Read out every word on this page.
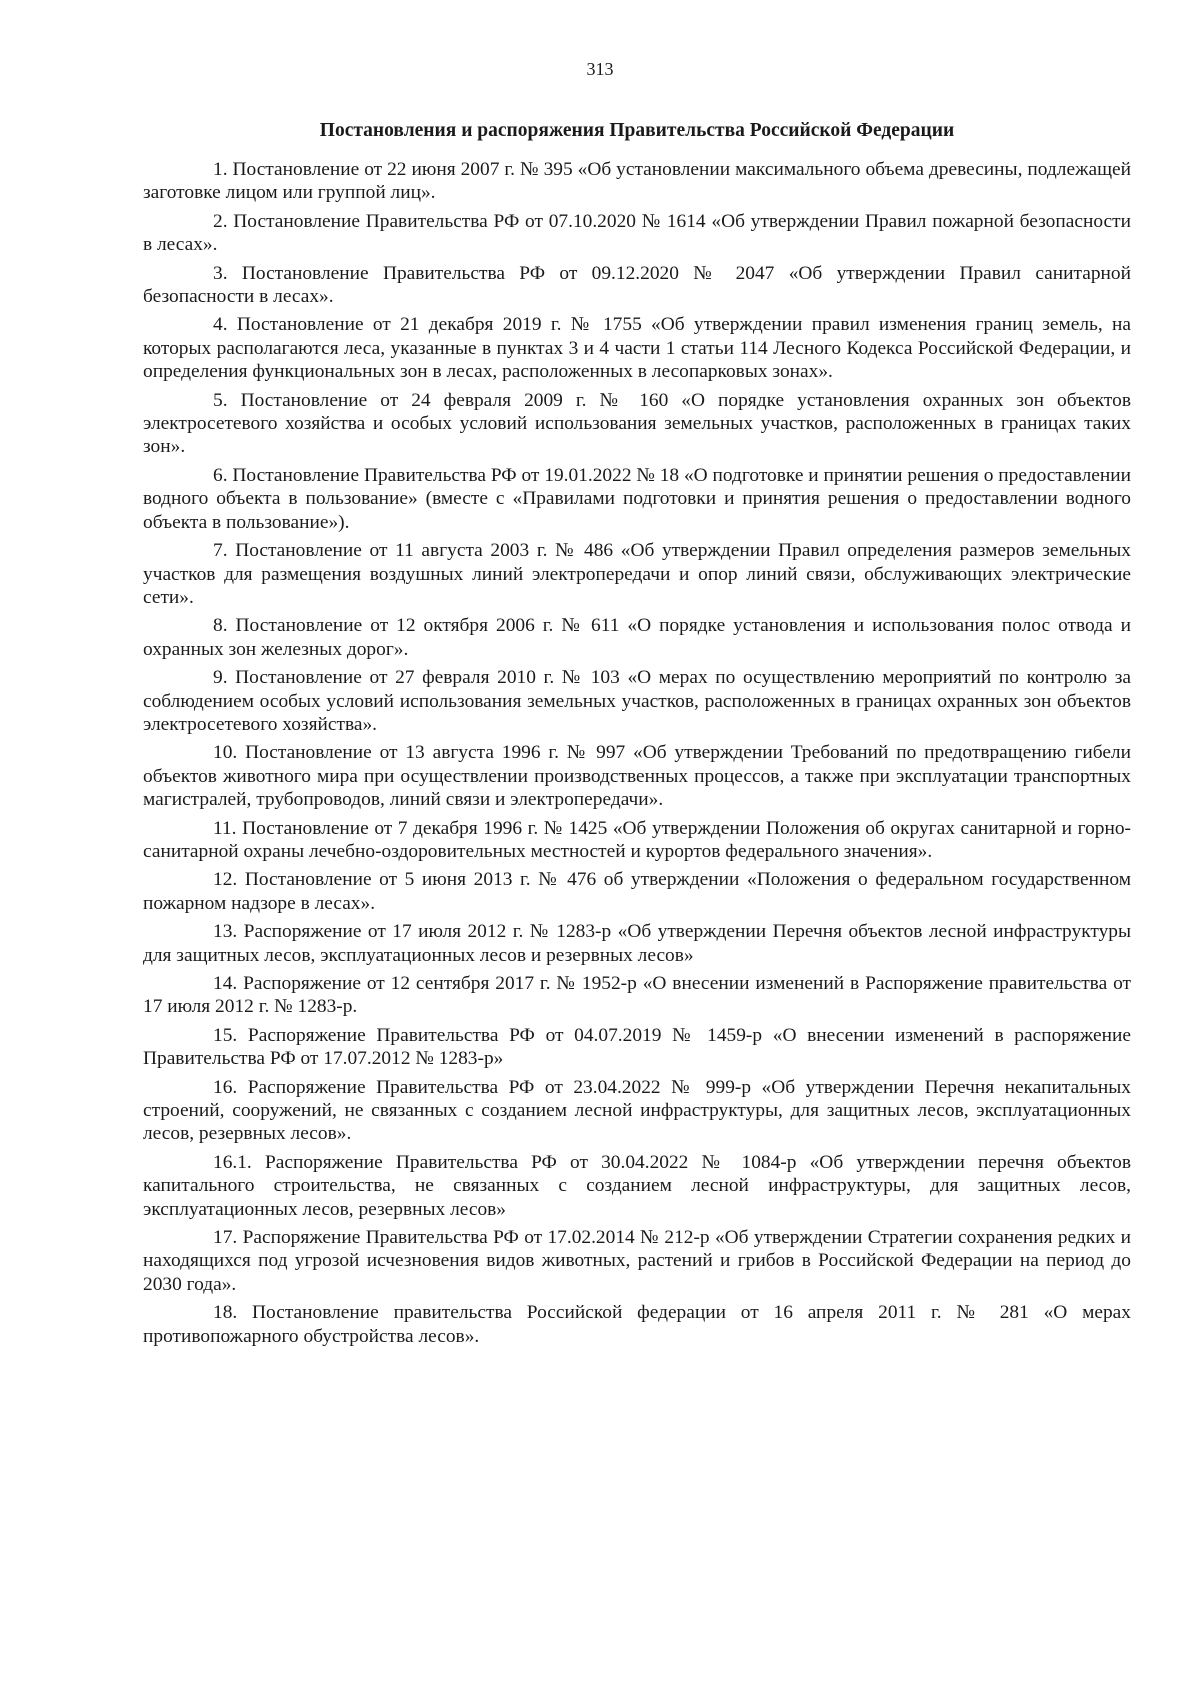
313
Постановления и распоряжения Правительства Российской Федерации
1. Постановление от 22 июня 2007 г. № 395 «Об установлении максимального объема древесины, подлежащей заготовке лицом или группой лиц».
2. Постановление Правительства РФ от 07.10.2020 № 1614 «Об утверждении Правил пожарной безопасности в лесах».
3. Постановление Правительства РФ от 09.12.2020 № 2047 «Об утверждении Правил санитарной безопасности в лесах».
4. Постановление от 21 декабря 2019 г. № 1755 «Об утверждении правил изменения границ земель, на которых располагаются леса, указанные в пунктах 3 и 4 части 1 статьи 114 Лесного Кодекса Российской Федерации, и определения функциональных зон в лесах, расположенных в лесопарковых зонах».
5. Постановление от 24 февраля 2009 г. № 160 «О порядке установления охранных зон объектов электросетевого хозяйства и особых условий использования земельных участков, расположенных в границах таких зон».
6. Постановление Правительства РФ от 19.01.2022 № 18 «О подготовке и принятии решения о предоставлении водного объекта в пользование» (вместе с «Правилами подготовки и принятия решения о предоставлении водного объекта в пользование»).
7. Постановление от 11 августа 2003 г. № 486 «Об утверждении Правил определения размеров земельных участков для размещения воздушных линий электропередачи и опор линий связи, обслуживающих электрические сети».
8. Постановление от 12 октября 2006 г. № 611 «О порядке установления и использования полос отвода и охранных зон железных дорог».
9. Постановление от 27 февраля 2010 г. № 103 «О мерах по осуществлению мероприятий по контролю за соблюдением особых условий использования земельных участков, расположенных в границах охранных зон объектов электросетевого хозяйства».
10. Постановление от 13 августа 1996 г. № 997 «Об утверждении Требований по предотвращению гибели объектов животного мира при осуществлении производственных процессов, а также при эксплуатации транспортных магистралей, трубопроводов, линий связи и электропередачи».
11. Постановление от 7 декабря 1996 г. № 1425 «Об утверждении Положения об округах санитарной и горно-санитарной охраны лечебно-оздоровительных местностей и курортов федерального значения».
12. Постановление от 5 июня 2013 г. № 476 об утверждении «Положения о федеральном государственном пожарном надзоре в лесах».
13. Распоряжение от 17 июля 2012 г. № 1283-р «Об утверждении Перечня объектов лесной инфраструктуры для защитных лесов, эксплуатационных лесов и резервных лесов»
14. Распоряжение от 12 сентября 2017 г. № 1952-р «О внесении изменений в Распоряжение правительства от 17 июля 2012 г. № 1283-р.
15. Распоряжение Правительства РФ от 04.07.2019 № 1459-р «О внесении изменений в распоряжение Правительства РФ от 17.07.2012 № 1283-р»
16. Распоряжение Правительства РФ от 23.04.2022 № 999-р «Об утверждении Перечня некапитальных строений, сооружений, не связанных с созданием лесной инфраструктуры, для защитных лесов, эксплуатационных лесов, резервных лесов».
16.1. Распоряжение Правительства РФ от 30.04.2022 № 1084-р «Об утверждении перечня объектов капитального строительства, не связанных с созданием лесной инфраструктуры, для защитных лесов, эксплуатационных лесов, резервных лесов»
17. Распоряжение Правительства РФ от 17.02.2014 № 212-р «Об утверждении Стратегии сохранения редких и находящихся под угрозой исчезновения видов животных, растений и грибов в Российской Федерации на период до 2030 года».
18. Постановление правительства Российской федерации от 16 апреля 2011 г. № 281 «О мерах противопожарного обустройства лесов».
